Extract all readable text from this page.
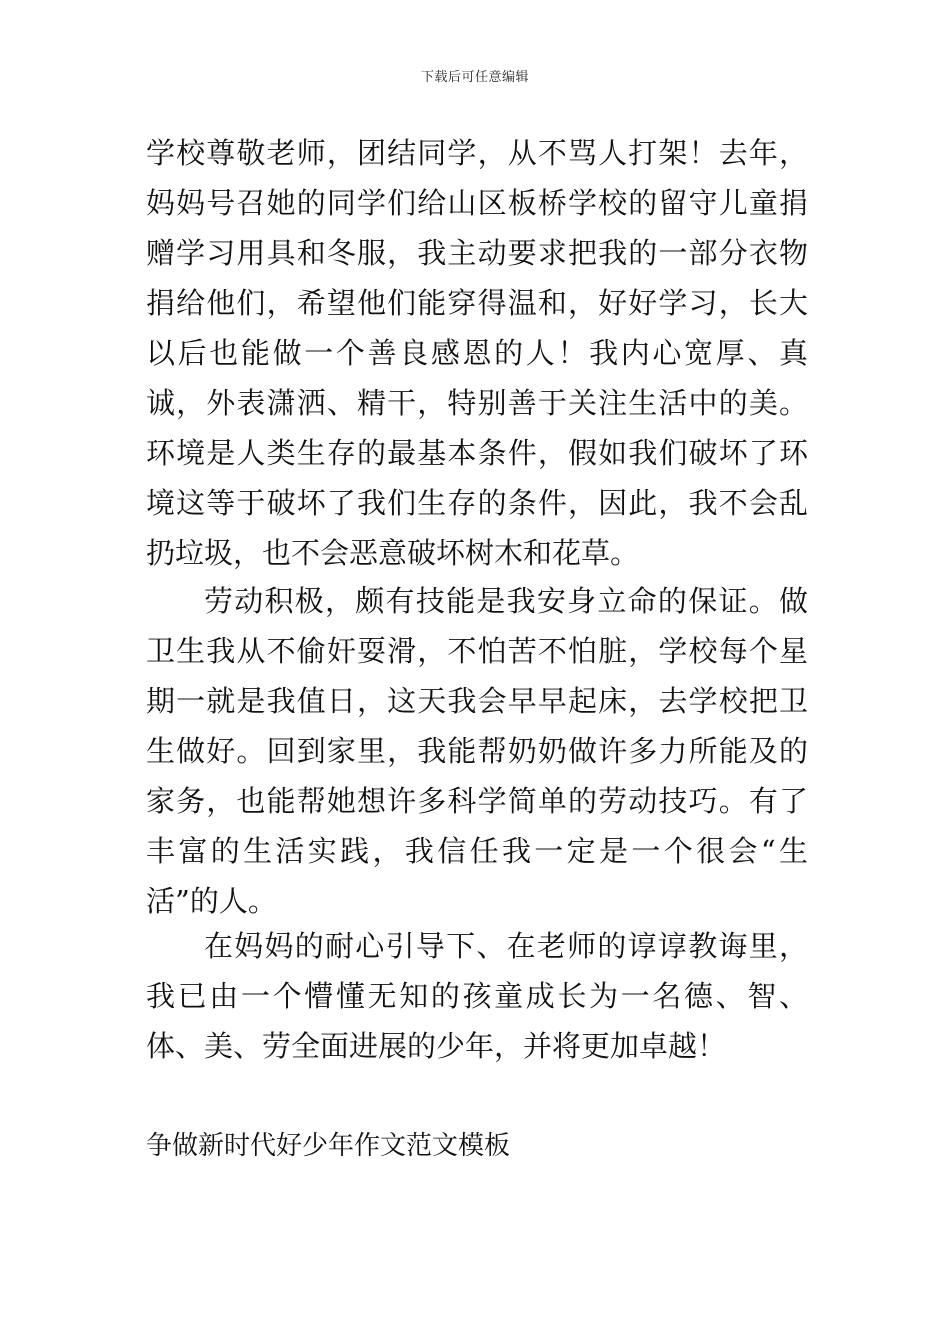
下载后可任意编辑
学校尊敬老师，团结同学，从不骂人打架！去年，妈妈号召她的同学们给山区板桥学校的留守儿童捐赠学习用具和冬服，我主动要求把我的一部分衣物捐给他们，希望他们能穿得温和，好好学习，长大以后也能做一个善良感恩的人！我内心宽厚、真诚，外表潇洒、精干，特别善于关注生活中的美。环境是人类生存的最基本条件，假如我们破坏了环境这等于破坏了我们生存的条件，因此，我不会乱扔垃圾，也不会恶意破坏树木和花草。
劳动积极，颇有技能是我安身立命的保证。做卫生我从不偷奸耍滑，不怕苦不怕脏，学校每个星期一就是我值日，这天我会早早起床，去学校把卫生做好。回到家里，我能帮奶奶做许多力所能及的家务，也能帮她想许多科学简单的劳动技巧。有了丰富的生活实践，我信任我一定是一个很会“生活”的人。
在妈妈的耐心引导下、在老师的谆谆教诲里，我已由一个懵懂无知的孩童成长为一名德、智、体、美、劳全面进展的少年，并将更加卓越！
争做新时代好少年作文范文模板
